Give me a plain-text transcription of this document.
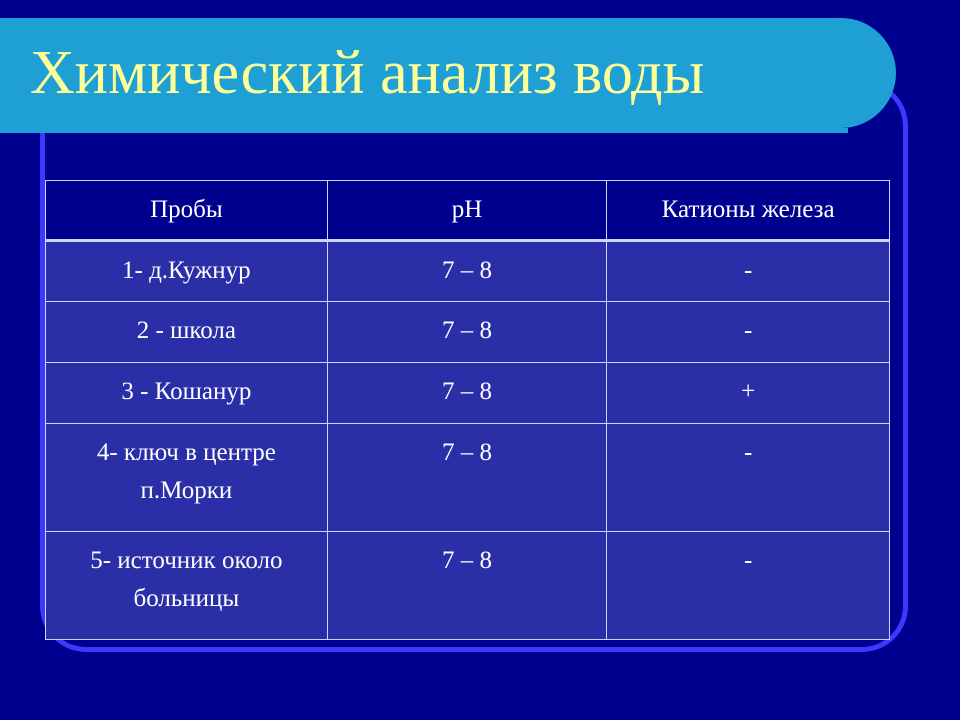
Химический анализ воды
Пробы	pH	Катионы железа
1- д.Кужнур	7 – 8	-
2 - школа	7 – 8	-
3 - Кошанур	7 – 8	+
4- ключ в центре п.Морки	7 – 8	-
5- источник около больницы	7 – 8	-
